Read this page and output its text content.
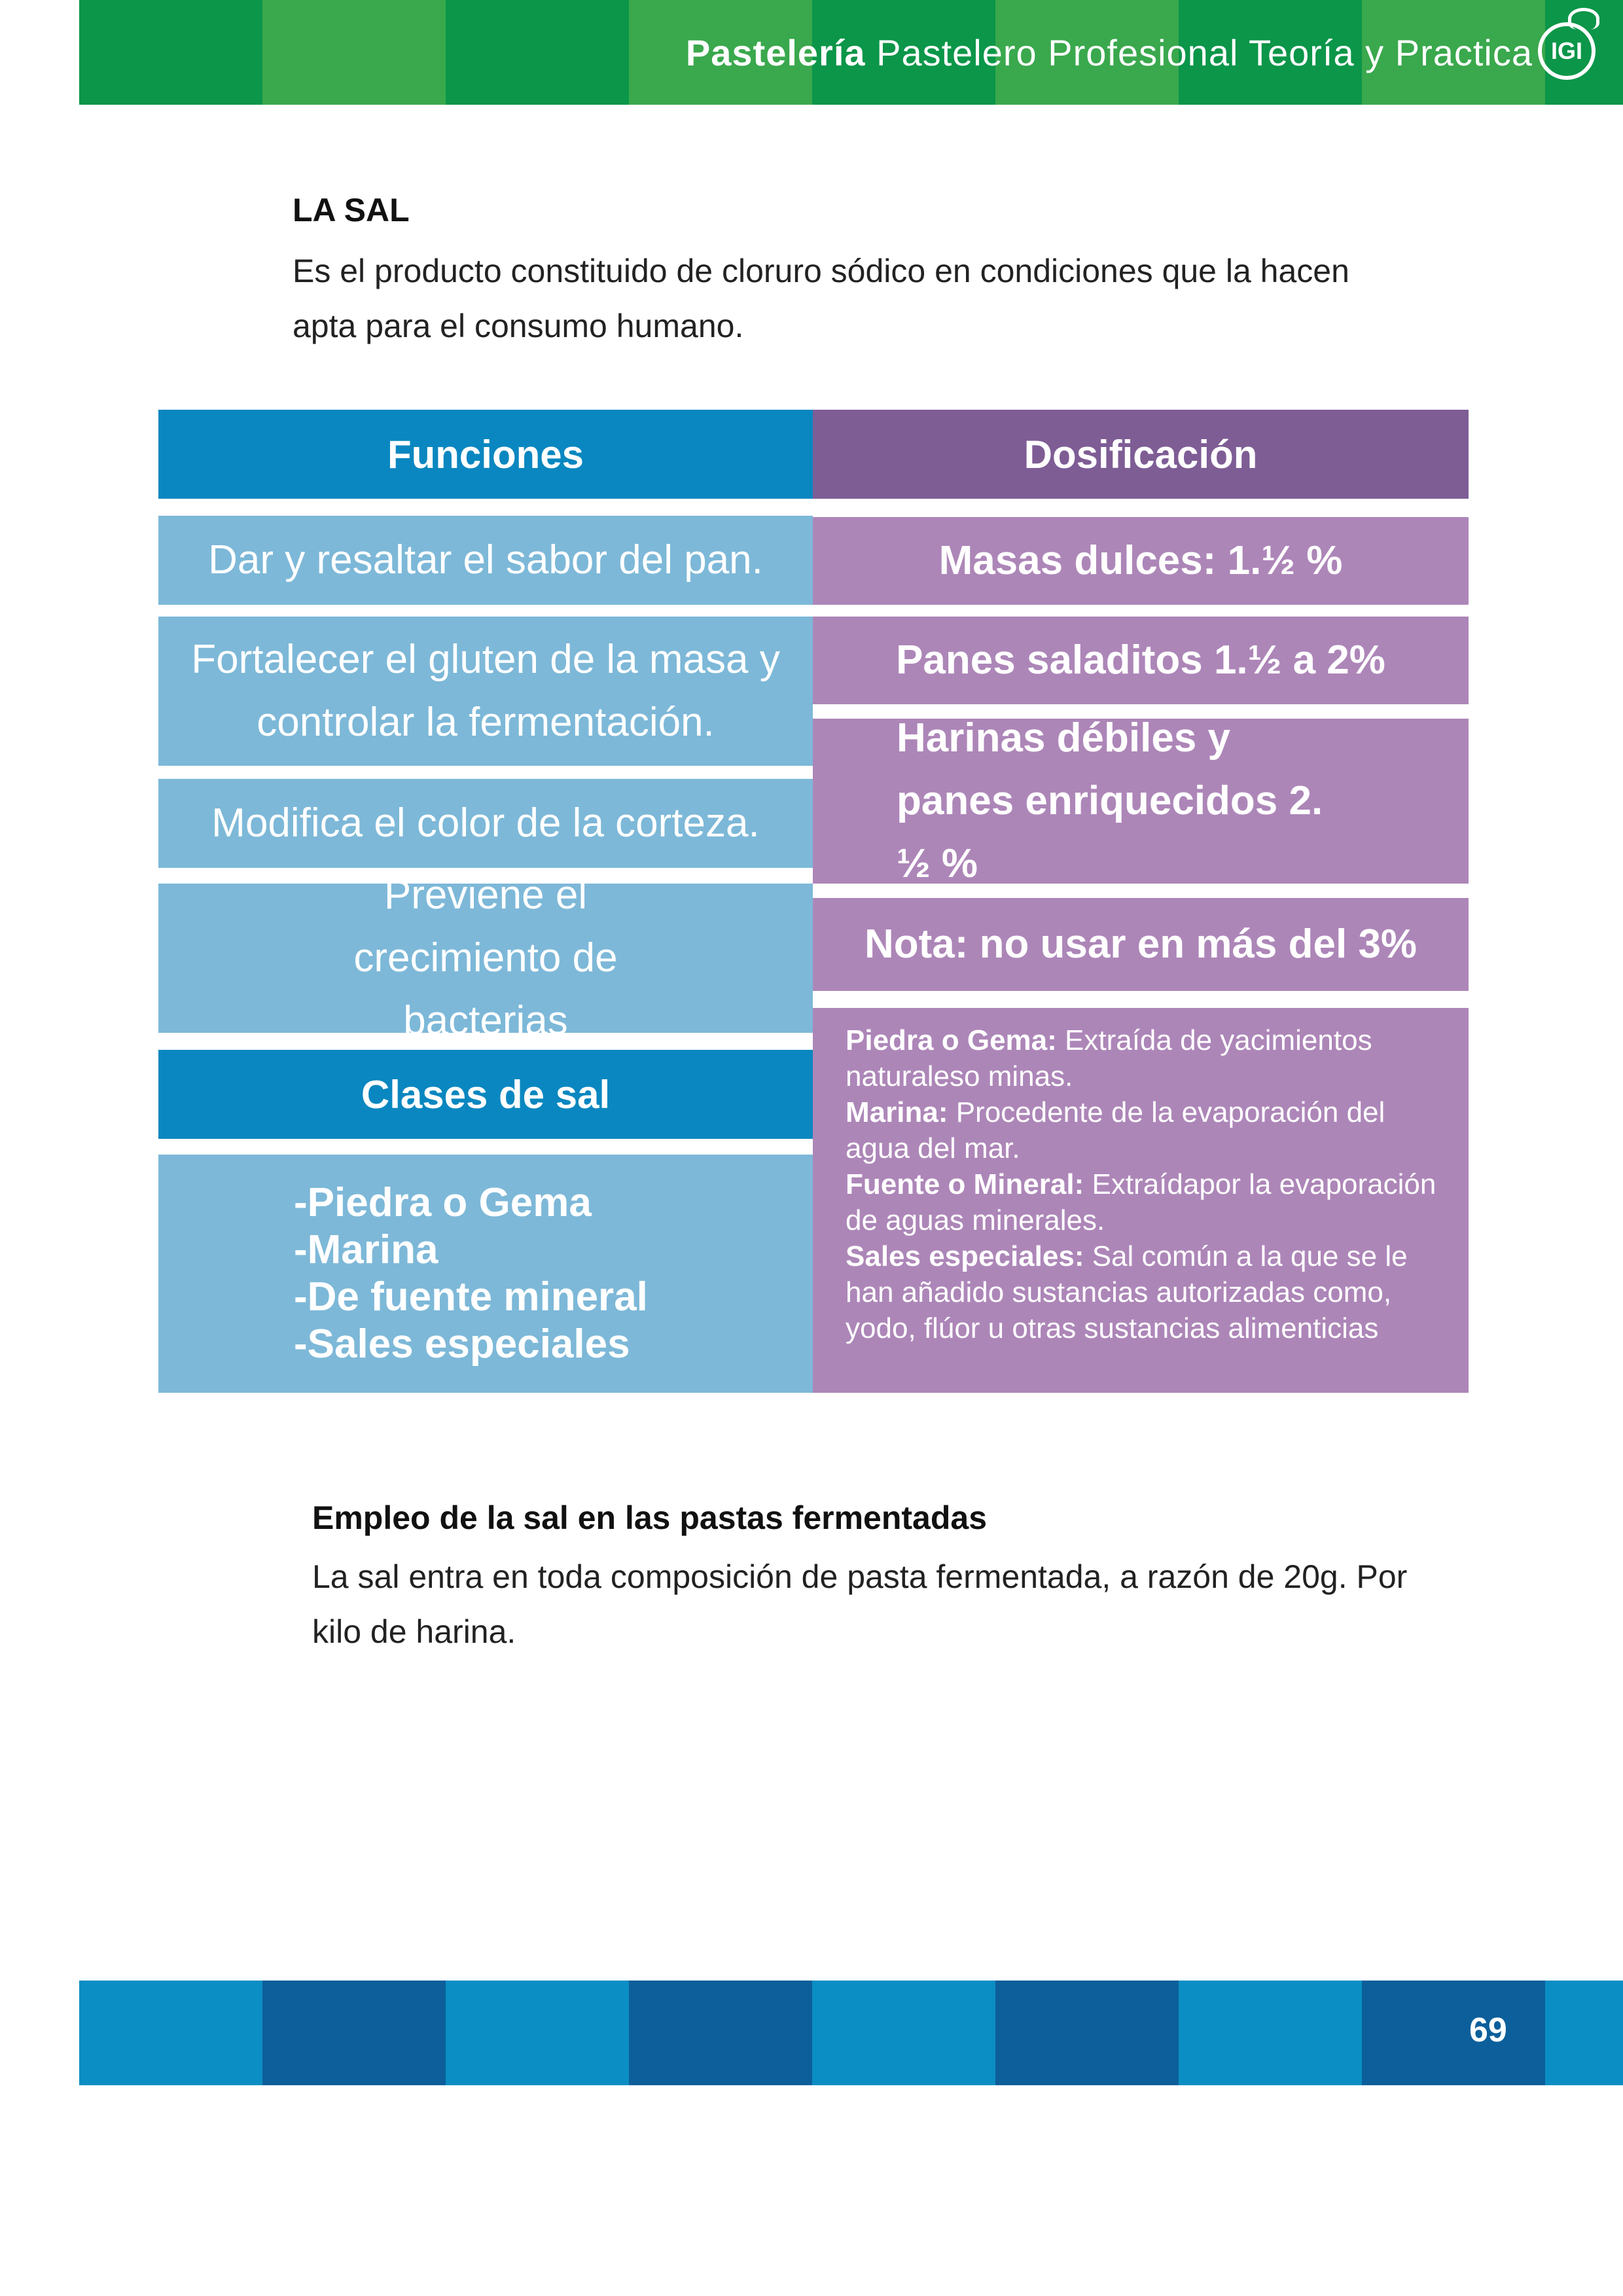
Pastelería Pastelero Profesional Teoría y Practica IGI
LA SAL
Es el producto constituido de cloruro sódico en condiciones que la hacen apta para el consumo humano.
Funciones	Dosificación
Dar y resaltar el sabor del pan.
Fortalecer el gluten de la masa y controlar la fermentación.
Modifica el color de la corteza.
Previene el crecimiento de bacterias
Masas dulces: 1.½ %
Panes saladitos 1.½ a 2%
Harinas débiles y panes enriquecidos 2. ½ %
Nota: no usar en más del 3%
Clases de sal
-Piedra o Gema
-Marina
-De fuente mineral
-Sales especiales

Piedra o Gema: Extraída de yacimientos naturaleso minas.

Marina: Procedente de la evaporación del agua del mar.

Fuente o Mineral: Extraídapor la evaporación de aguas minerales.

Sales especiales: Sal común a la que se le han añadido sustancias autorizadas como, yodo, flúor u otras sustancias alimenticias

Empleo de la sal en las pastas fermentadas
La sal entra en toda composición de pasta fermentada, a razón de 20g. Por kilo de harina.
69
